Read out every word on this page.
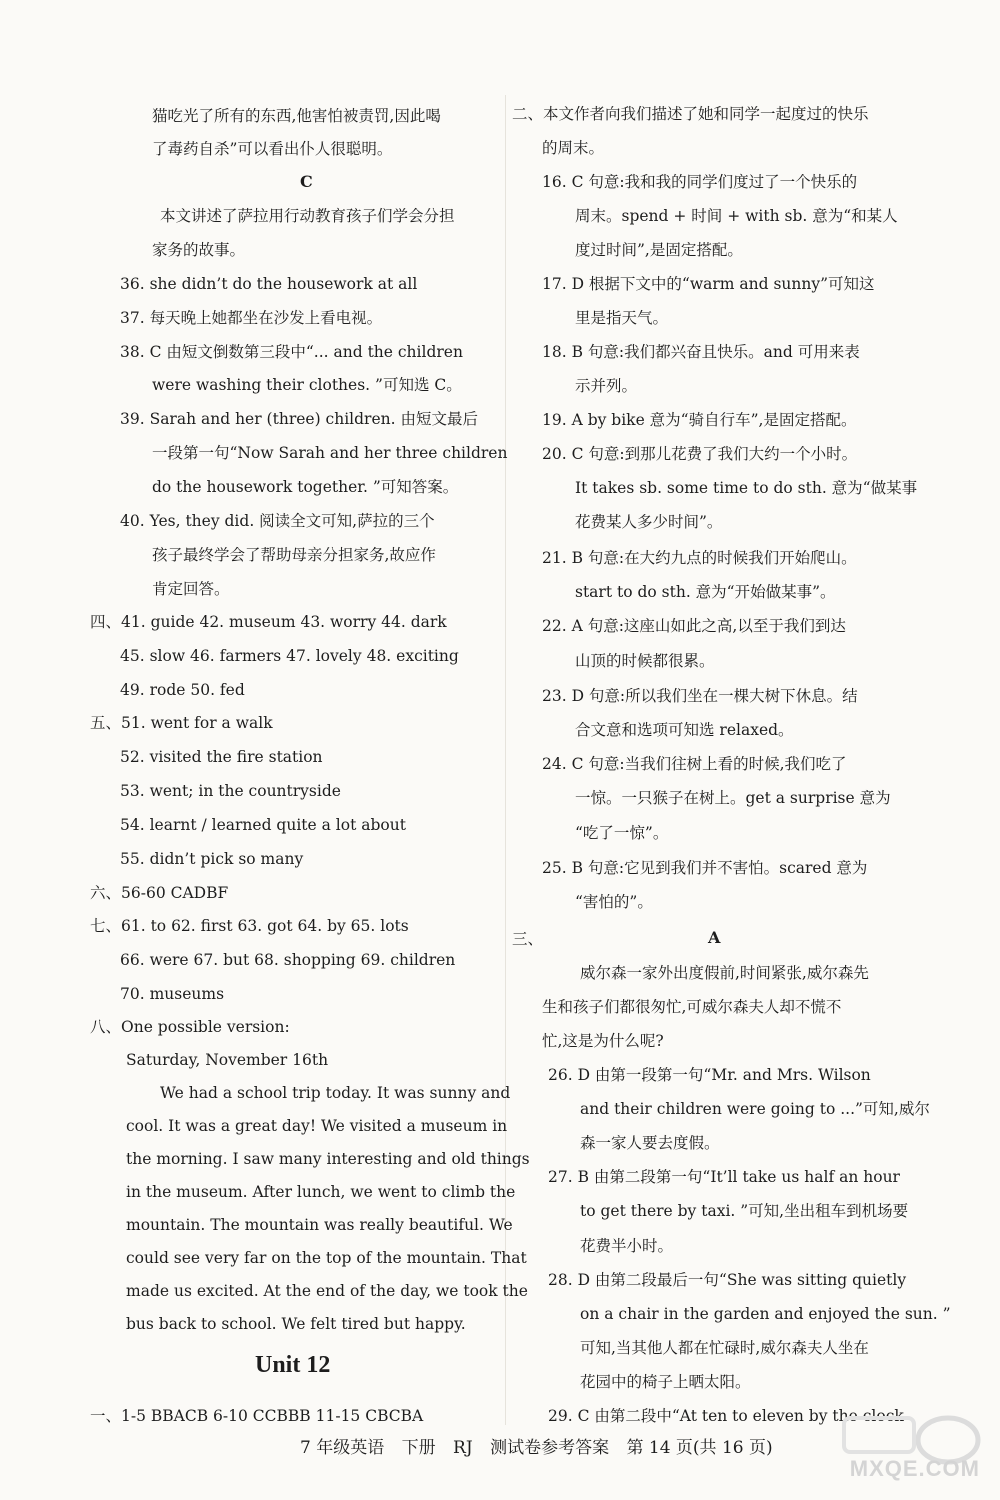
猫吃光了所有的东西,他害怕被责罚,因此喝
了毒药自杀”可以看出仆人很聪明。
C
本文讲述了萨拉用行动教育孩子们学会分担
家务的故事。
36. she didn’t do the housework at all
37. 每天晚上她都坐在沙发上看电视。
38. C 由短文倒数第三段中“... and the children
were washing their clothes. ”可知选 C。
39. Sarah and her (three) children. 由短文最后
一段第一句“Now Sarah and her three children
do the housework together. ”可知答案。
40. Yes, they did. 阅读全文可知,萨拉的三个
孩子最终学会了帮助母亲分担家务,故应作
肯定回答。
四、41. guide 42. museum 43. worry 44. dark
45. slow 46. farmers 47. lovely 48. exciting
49. rode 50. fed
五、51. went for a walk
52. visited the fire station
53. went; in the countryside
54. learnt / learned quite a lot about
55. didn’t pick so many
六、56-60 CADBF
七、61. to 62. first 63. got 64. by 65. lots
66. were 67. but 68. shopping 69. children
70. museums
八、One possible version:
Saturday, November 16th
We had a school trip today. It was sunny and
cool. It was a great day! We visited a museum in
the morning. I saw many interesting and old things
in the museum. After lunch, we went to climb the
mountain. The mountain was really beautiful. We
could see very far on the top of the mountain. That
made us excited. At the end of the day, we took the
bus back to school. We felt tired but happy.
Unit 12
一、1-5 BBACB 6-10 CCBBB 11-15 CBCBA
二、本文作者向我们描述了她和同学一起度过的快乐
的周末。
16. C 句意:我和我的同学们度过了一个快乐的
周末。spend + 时间 + with sb. 意为“和某人
度过时间”,是固定搭配。
17. D 根据下文中的“warm and sunny”可知这
里是指天气。
18. B 句意:我们都兴奋且快乐。and 可用来表
示并列。
19. A by bike 意为“骑自行车”,是固定搭配。
20. C 句意:到那儿花费了我们大约一个小时。
It takes sb. some time to do sth. 意为“做某事
花费某人多少时间”。
21. B 句意:在大约九点的时候我们开始爬山。
start to do sth. 意为“开始做某事”。
22. A 句意:这座山如此之高,以至于我们到达
山顶的时候都很累。
23. D 句意:所以我们坐在一棵大树下休息。结
合文意和选项可知选 relaxed。
24. C 句意:当我们往树上看的时候,我们吃了
一惊。一只猴子在树上。get a surprise 意为
“吃了一惊”。
25. B 句意:它见到我们并不害怕。scared 意为
“害怕的”。
三、	A
威尔森一家外出度假前,时间紧张,威尔森先
生和孩子们都很匆忙,可威尔森夫人却不慌不
忙,这是为什么呢?
26. D 由第一段第一句“Mr. and Mrs. Wilson
and their children were going to ...”可知,威尔
森一家人要去度假。
27. B 由第二段第一句“It’ll take us half an hour
to get there by taxi. ”可知,坐出租车到机场要
花费半小时。
28. D 由第二段最后一句“She was sitting quietly
on a chair in the garden and enjoyed the sun. ”
可知,当其他人都在忙碌时,威尔森夫人坐在
花园中的椅子上晒太阳。
29. C 由第二段中“At ten to eleven by the clock
7 年级英语 下册 RJ 测试卷参考答案 第 14 页(共 16 页)
MXQE.COM
